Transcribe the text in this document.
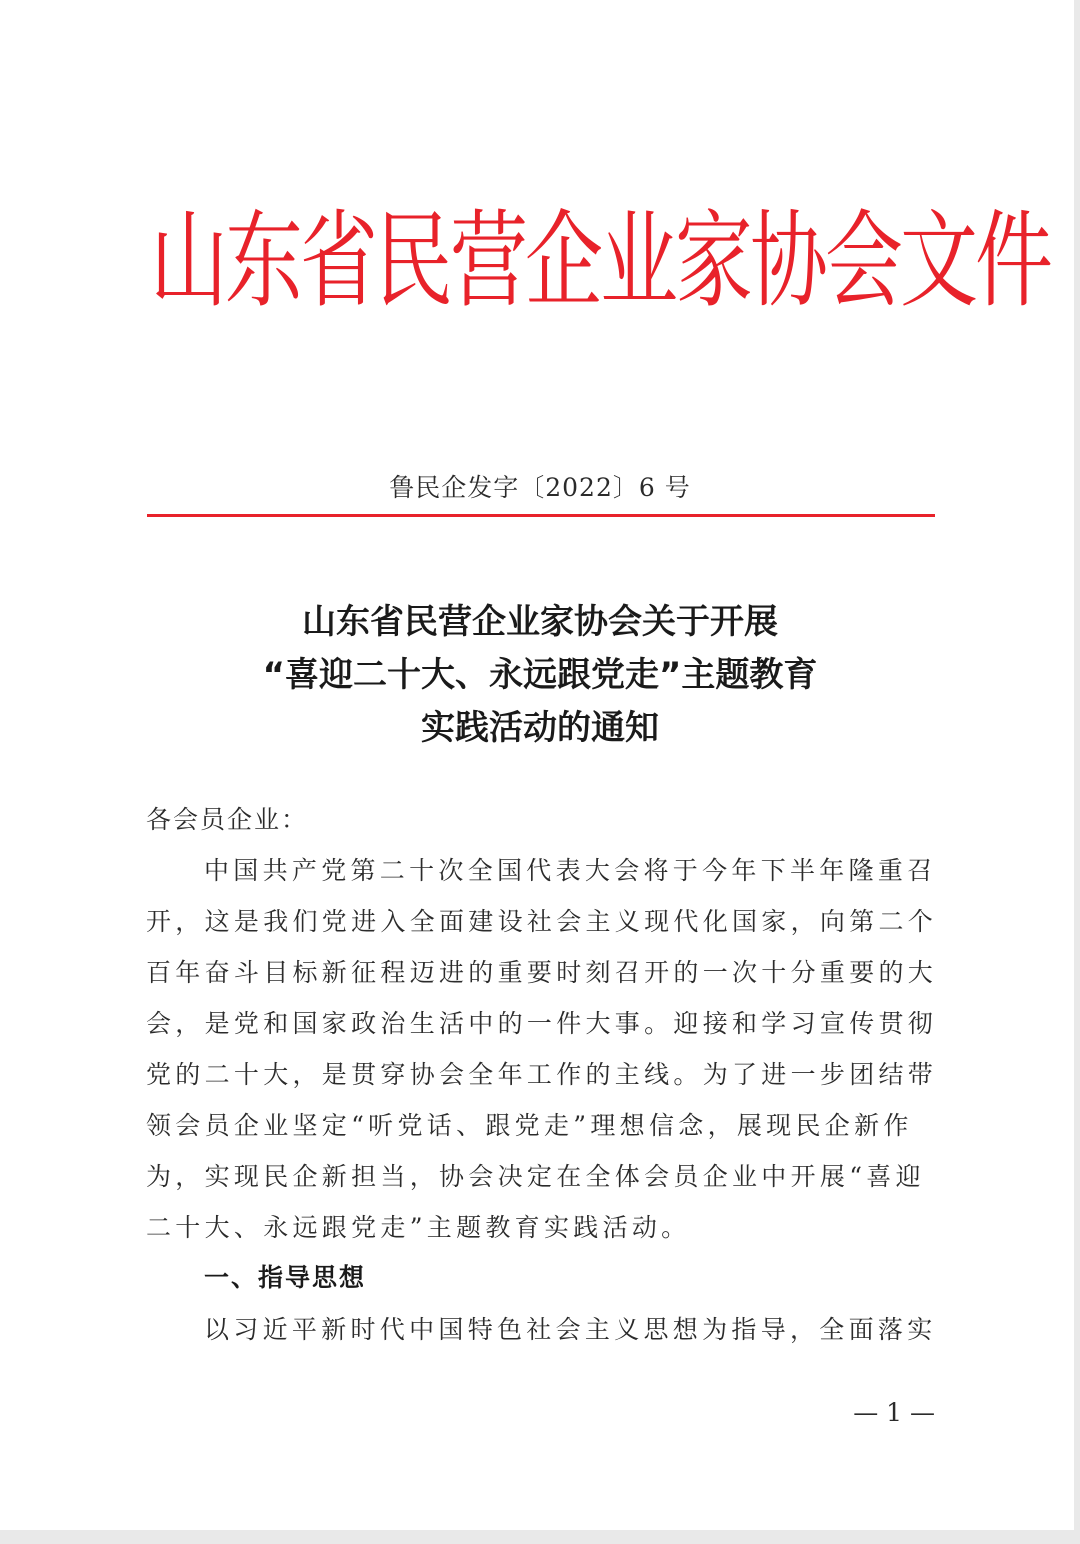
山东省民营企业家协会文件
鲁民企发字〔2022〕6 号
山东省民营企业家协会关于开展
“喜迎二十大、永远跟党走”主题教育
实践活动的通知
各会员企业：
中国共产党第二十次全国代表大会将于今年下半年隆重召
开，这是我们党进入全面建设社会主义现代化国家，向第二个
百年奋斗目标新征程迈进的重要时刻召开的一次十分重要的大
会，是党和国家政治生活中的一件大事。迎接和学习宣传贯彻
党的二十大，是贯穿协会全年工作的主线。为了进一步团结带
领会员企业坚定“听党话、跟党走”理想信念，展现民企新作
为，实现民企新担当，协会决定在全体会员企业中开展“喜迎
二十大、永远跟党走”主题教育实践活动。
一、指导思想
以习近平新时代中国特色社会主义思想为指导，全面落实
— 1 —
